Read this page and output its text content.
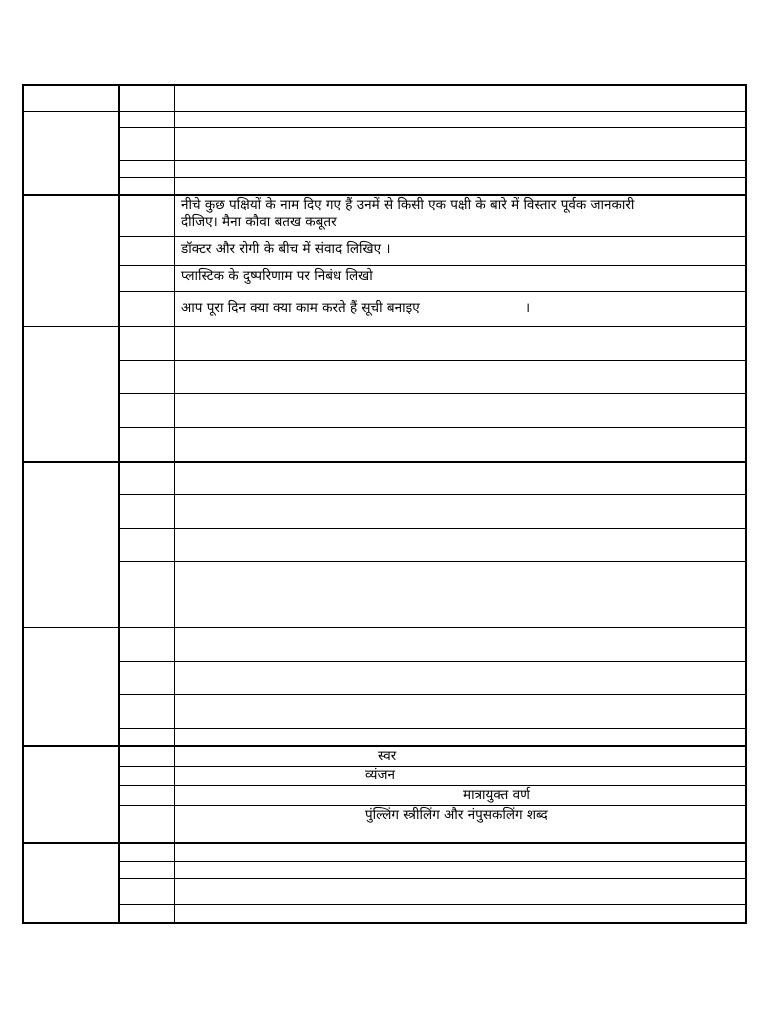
नीचे कुछ पक्षियों के नाम दिए गए हैं उनमें से किसी एक पक्षी के बारे में विस्तार पूर्वक जानकारी
दीजिए। मैना कौवा बतख कबूतर
डॉक्टर और रोगी के बीच में संवाद लिखिए ।
प्लास्टिक के दुष्परिणाम पर निबंध लिखो
आप पूरा दिन क्या क्या काम करते हैं सूची बनाइए	।
स्वर
व्यंजन
मात्रायुक्त वर्ण
पुंल्लिंग स्त्रीलिंग और नंपुसकलिंग शब्द
